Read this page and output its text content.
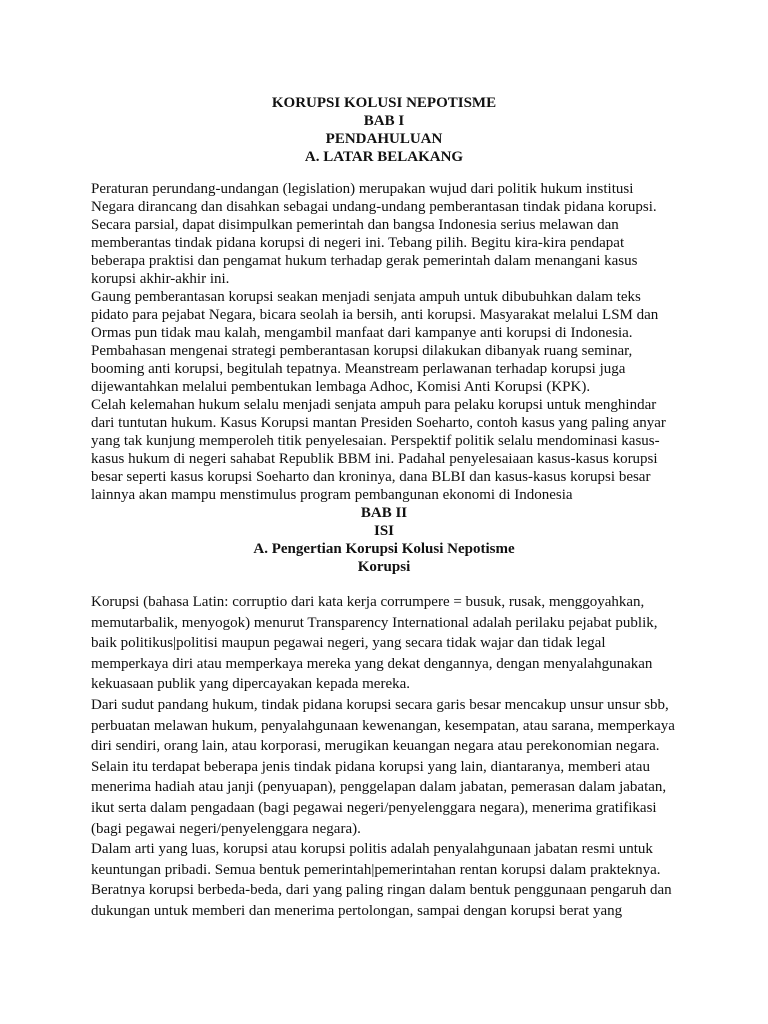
KORUPSI KOLUSI NEPOTISME
BAB I
PENDAHULUAN
A. LATAR BELAKANG
Peraturan perundang-undangan (legislation) merupakan wujud dari politik hukum institusi
Negara dirancang dan disahkan sebagai undang-undang pemberantasan tindak pidana korupsi.
Secara parsial, dapat disimpulkan pemerintah dan bangsa Indonesia serius melawan dan
memberantas tindak pidana korupsi di negeri ini. Tebang pilih. Begitu kira-kira pendapat
beberapa praktisi dan pengamat hukum terhadap gerak pemerintah dalam menangani kasus
korupsi akhir-akhir ini.
Gaung pemberantasan korupsi seakan menjadi senjata ampuh untuk dibubuhkan dalam teks
pidato para pejabat Negara, bicara seolah ia bersih, anti korupsi. Masyarakat melalui LSM dan
Ormas pun tidak mau kalah, mengambil manfaat dari kampanye anti korupsi di Indonesia.
Pembahasan mengenai strategi pemberantasan korupsi dilakukan dibanyak ruang seminar,
booming anti korupsi, begitulah tepatnya. Meanstream perlawanan terhadap korupsi juga
dijewantahkan melalui pembentukan lembaga Adhoc, Komisi Anti Korupsi (KPK).
Celah kelemahan hukum selalu menjadi senjata ampuh para pelaku korupsi untuk menghindar
dari tuntutan hukum. Kasus Korupsi mantan Presiden Soeharto, contoh kasus yang paling anyar
yang tak kunjung memperoleh titik penyelesaian. Perspektif politik selalu mendominasi kasus-
kasus hukum di negeri sahabat Republik BBM ini. Padahal penyelesaiaan kasus-kasus korupsi
besar seperti kasus korupsi Soeharto dan kroninya, dana BLBI dan kasus-kasus korupsi besar
lainnya akan mampu menstimulus program pembangunan ekonomi di Indonesia
BAB II
ISI
A. Pengertian Korupsi Kolusi Nepotisme
Korupsi
Korupsi (bahasa Latin: corruptio dari kata kerja corrumpere = busuk, rusak, menggoyahkan,
memutarbalik, menyogok) menurut Transparency International adalah perilaku pejabat publik,
baik politikus|politisi maupun pegawai negeri, yang secara tidak wajar dan tidak legal
memperkaya diri atau memperkaya mereka yang dekat dengannya, dengan menyalahgunakan
kekuasaan publik yang dipercayakan kepada mereka.
Dari sudut pandang hukum, tindak pidana korupsi secara garis besar mencakup unsur unsur sbb,
perbuatan melawan hukum, penyalahgunaan kewenangan, kesempatan, atau sarana, memperkaya
diri sendiri, orang lain, atau korporasi, merugikan keuangan negara atau perekonomian negara.
Selain itu terdapat beberapa jenis tindak pidana korupsi yang lain, diantaranya, memberi atau
menerima hadiah atau janji (penyuapan), penggelapan dalam jabatan, pemerasan dalam jabatan,
ikut serta dalam pengadaan (bagi pegawai negeri/penyelenggara negara), menerima gratifikasi
(bagi pegawai negeri/penyelenggara negara).
Dalam arti yang luas, korupsi atau korupsi politis adalah penyalahgunaan jabatan resmi untuk
keuntungan pribadi. Semua bentuk pemerintah|pemerintahan rentan korupsi dalam prakteknya.
Beratnya korupsi berbeda-beda, dari yang paling ringan dalam bentuk penggunaan pengaruh dan
dukungan untuk memberi dan menerima pertolongan, sampai dengan korupsi berat yang
